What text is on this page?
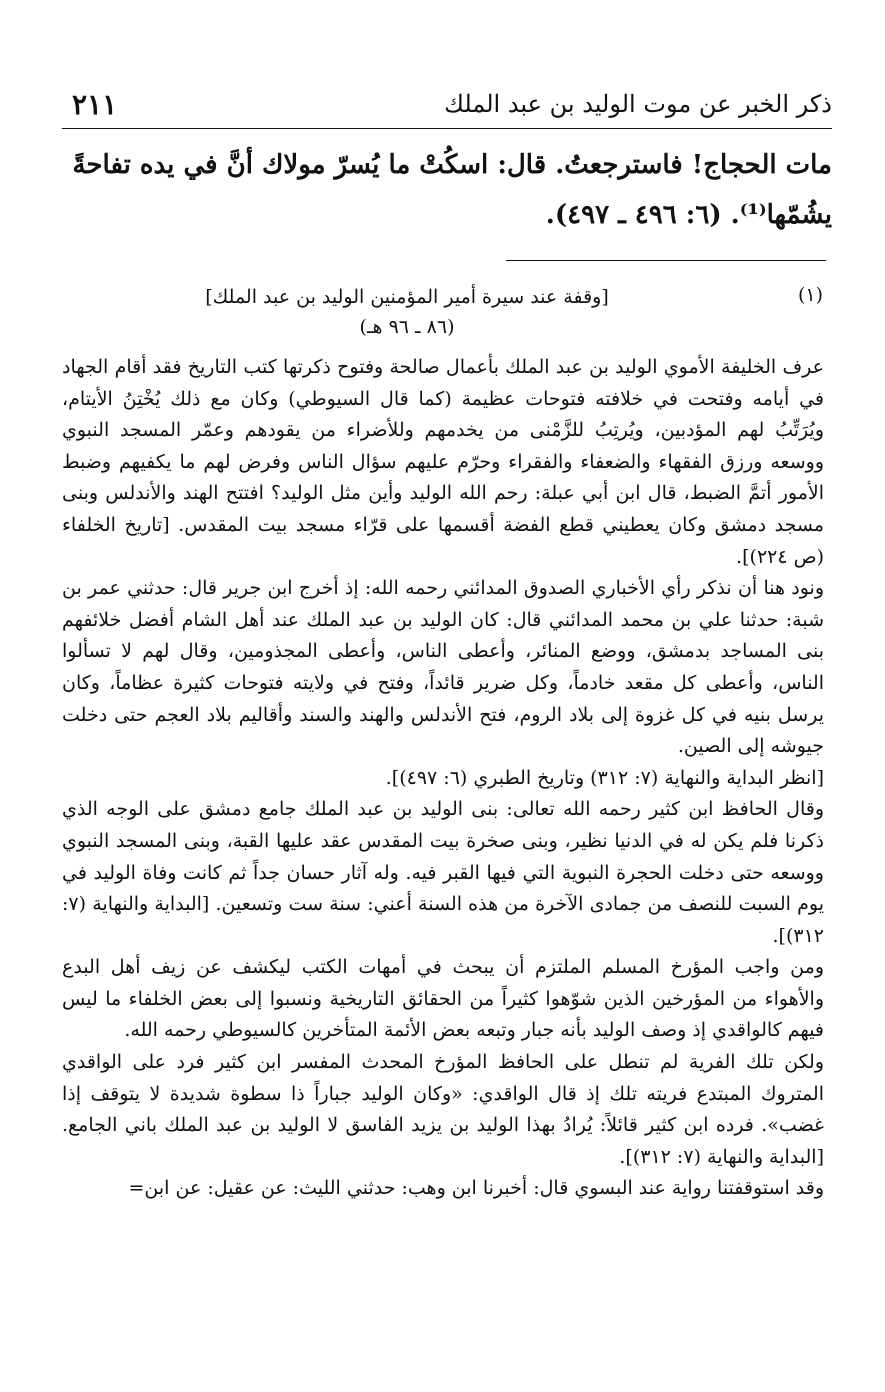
٢١١	ذكر الخبر عن موت الوليد بن عبد الملك

مات الحجاج! فاسترجعتُ. قال: اسكُتْ ما يُسرّ مولاك أنَّ في يده تفاحةً

يشُمّها⁽¹⁾. (٦: ٤٩٦ ـ ٤٩٧).

(١)
[وقفة عند سيرة أمير المؤمنين الوليد بن عبد الملك]
(٨٦ ـ ٩٦ هـ)

عرف الخليفة الأموي الوليد بن عبد الملك بأعمال صالحة وفتوح ذكرتها كتب التاريخ فقد أقام الجهاد في أيامه وفتحت في خلافته فتوحات عظيمة (كما قال السيوطي) وكان مع ذلك يُخْتِنُ الأيتام، ويُرَتِّبُ لهم المؤدبين، ويُرتِبُ للزَّمْنى من يخدمهم وللأضراء من يقودهم وعمّر المسجد النبوي ووسعه ورزق الفقهاء والضعفاء والفقراء وحرّم عليهم سؤال الناس وفرض لهم ما يكفيهم وضبط الأمور أتمَّ الضبط، قال ابن أبي عبلة: رحم الله الوليد وأين مثل الوليد؟ افتتح الهند والأندلس وبنى مسجد دمشق وكان يعطيني قطع الفضة أقسمها على قرّاء مسجد بيت المقدس. [تاريخ الخلفاء (ص ٢٢٤)].

ونود هنا أن نذكر رأي الأخباري الصدوق المدائني رحمه الله: إذ أخرج ابن جرير قال: حدثني عمر بن شبة: حدثنا علي بن محمد المدائني قال: كان الوليد بن عبد الملك عند أهل الشام أفضل خلائفهم بنى المساجد بدمشق، ووضع المنائر، وأعطى الناس، وأعطى المجذومين، وقال لهم لا تسألوا الناس، وأعطى كل مقعد خادماً، وكل ضرير قائداً، وفتح في ولايته فتوحات كثيرة عظاماً، وكان يرسل بنيه في كل غزوة إلى بلاد الروم، فتح الأندلس والهند والسند وأقاليم بلاد العجم حتى دخلت جيوشه إلى الصين.

[انظر البداية والنهاية (٧: ٣١٢) وتاريخ الطبري (٦: ٤٩٧)].

وقال الحافظ ابن كثير رحمه الله تعالى: بنى الوليد بن عبد الملك جامع دمشق على الوجه الذي ذكرنا فلم يكن له في الدنيا نظير، وبنى صخرة بيت المقدس عقد عليها القبة، وبنى المسجد النبوي ووسعه حتى دخلت الحجرة النبوية التي فيها القبر فيه. وله آثار حسان جداً ثم كانت وفاة الوليد في يوم السبت للنصف من جمادى الآخرة من هذه السنة أعني: سنة ست وتسعين. [البداية والنهاية (٧: ٣١٢)].

ومن واجب المؤرخ المسلم الملتزم أن يبحث في أمهات الكتب ليكشف عن زيف أهل البدع والأهواء من المؤرخين الذين شوّهوا كثيراً من الحقائق التاريخية ونسبوا إلى بعض الخلفاء ما ليس فيهم كالواقدي إذ وصف الوليد بأنه جبار وتبعه بعض الأئمة المتأخرين كالسيوطي رحمه الله.

ولكن تلك الفرية لم تنطل على الحافظ المؤرخ المحدث المفسر ابن كثير فرد على الواقدي المتروك المبتدع فريته تلك إذ قال الواقدي: «وكان الوليد جباراً ذا سطوة شديدة لا يتوقف إذا غضب». فرده ابن كثير قائلاً: يُرادُ بهذا الوليد بن يزيد الفاسق لا الوليد بن عبد الملك باني الجامع. [البداية والنهاية (٧: ٣١٢)].

وقد استوقفتنا رواية عند البسوي قال: أخبرنا ابن وهب: حدثني الليث: عن عقيل: عن ابن=
